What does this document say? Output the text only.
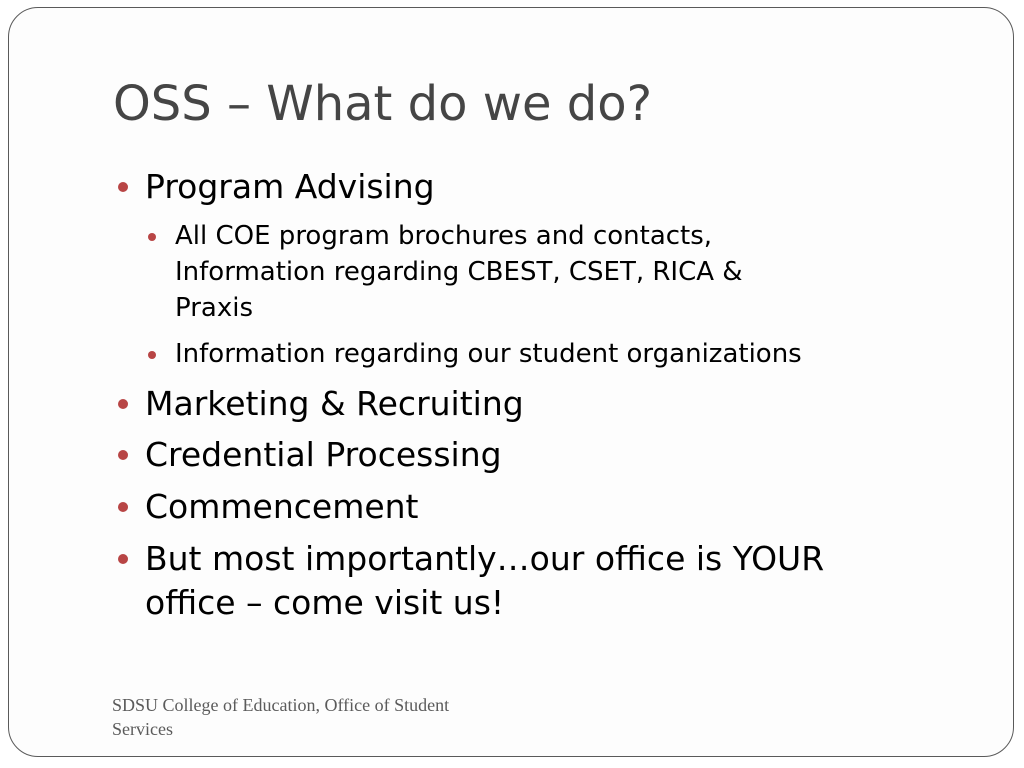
OSS – What do we do?
Program Advising
All COE program brochures and contacts,
Information regarding CBEST, CSET, RICA &
Praxis
Information regarding our student organizations
Marketing & Recruiting
Credential Processing
Commencement
But most importantly…our office is YOUR
office – come visit us!
SDSU College of Education, Office of Student
Services
